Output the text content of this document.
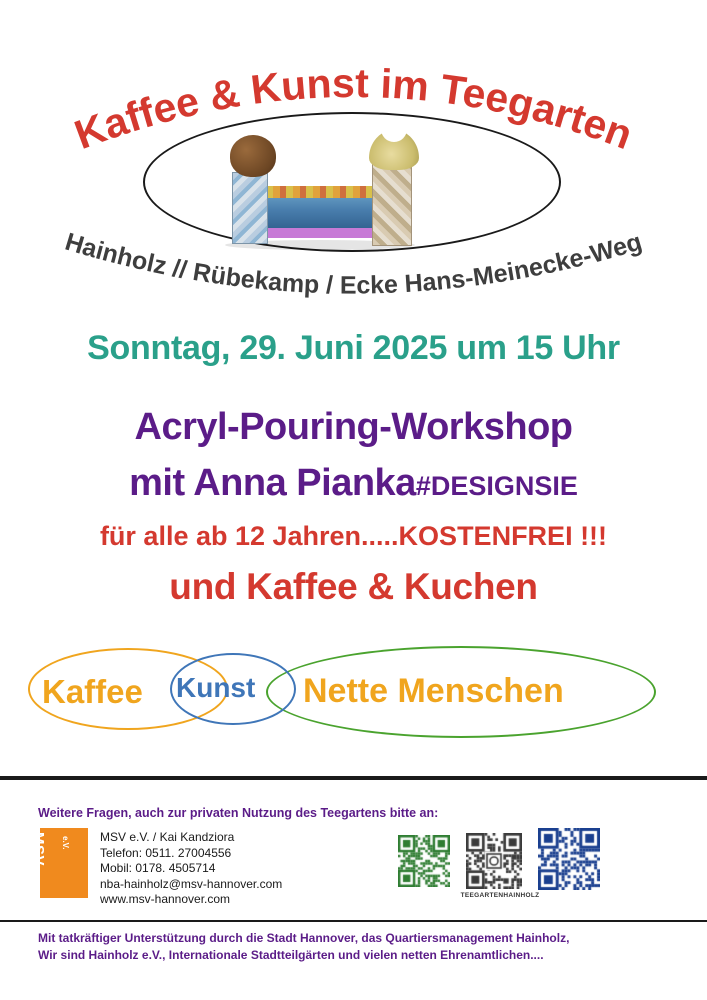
Kaffee & Kunst im Teegarten
Hainholz // Rübekamp / Ecke Hans-Meinecke-Weg
Sonntag, 29. Juni 2025 um 15 Uhr
Acryl-Pouring-Workshop
mit Anna Pianka#DESIGNSIE
für alle ab 12 Jahren.....KOSTENFREI !!!
und Kaffee & Kuchen
Kaffee Kunst Nette Menschen
Weitere Fragen, auch zur privaten Nutzung des Teegartens bitte an:
MSV e.V.	MSV e.V. / Kai Kandziora
Telefon: 0511. 27004556
Mobil: 0178. 4505714
nba-hainholz@msv-hannover.com
www.msv-hannover.com	TEEGARTENHAINHOLZ
Mit tatkräftiger Unterstützung durch die Stadt Hannover, das Quartiersmanagement Hainholz,
Wir sind Hainholz e.V., Internationale Stadtteilgärten und vielen netten Ehrenamtlichen....
